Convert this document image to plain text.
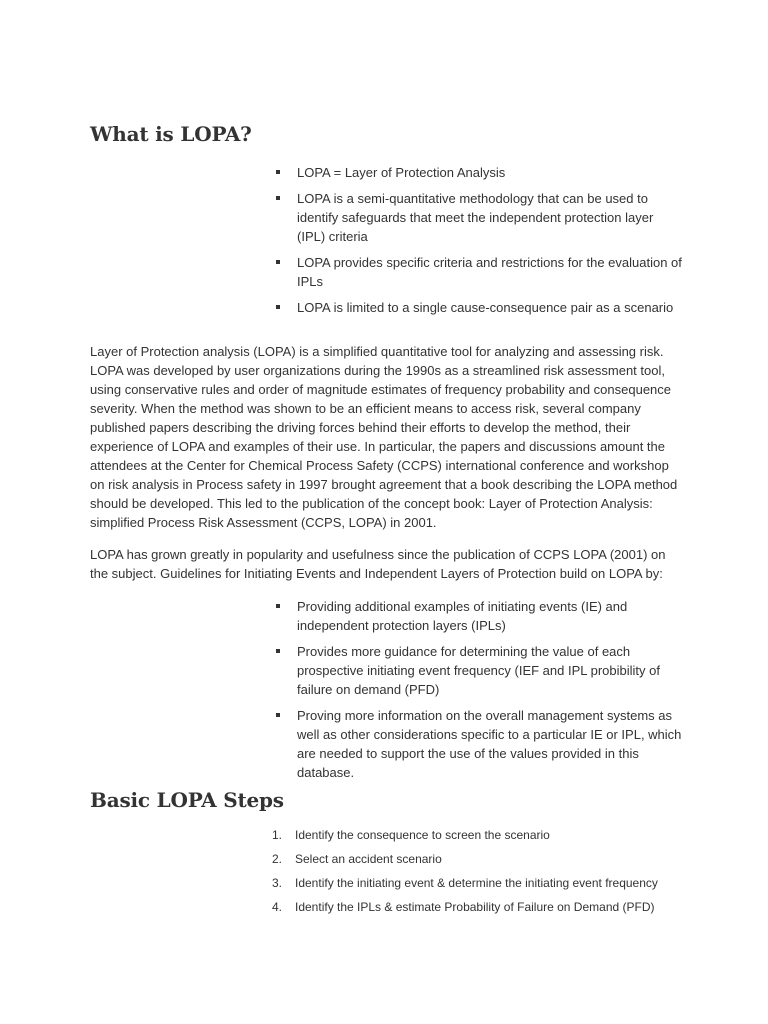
What is LOPA?
LOPA = Layer of Protection Analysis
LOPA is a semi-quantitative methodology that can be used to identify safeguards that meet the independent protection layer (IPL) criteria
LOPA provides specific criteria and restrictions for the evaluation of IPLs
LOPA is limited to a single cause-consequence pair as a scenario

Layer of Protection analysis (LOPA) is a simplified quantitative tool for analyzing and assessing risk. LOPA was developed by user organizations during the 1990s as a streamlined risk assessment tool, using conservative rules and order of magnitude estimates of frequency probability and consequence severity. When the method was shown to be an efficient means to access risk, several company published papers describing the driving forces behind their efforts to develop the method, their experience of LOPA and examples of their use. In particular, the papers and discussions amount the attendees at the Center for Chemical Process Safety (CCPS) international conference and workshop on risk analysis in Process safety in 1997 brought agreement that a book describing the LOPA method should be developed. This led to the publication of the concept book: Layer of Protection Analysis: simplified Process Risk Assessment (CCPS, LOPA) in 2001.

LOPA has grown greatly in popularity and usefulness since the publication of CCPS LOPA (2001) on the subject. Guidelines for Initiating Events and Independent Layers of Protection build on LOPA by:

Providing additional examples of initiating events (IE) and independent protection layers (IPLs)
Provides more guidance for determining the value of each prospective initiating event frequency (IEF and IPL probibility of failure on demand (PFD)
Proving more information on the overall management systems as well as other considerations specific to a particular IE or IPL, which are needed to support the use of the values provided in this database.
Basic LOPA Steps
1. Identify the consequence to screen the scenario
2. Select an accident scenario
3. Identify the initiating event & determine the initiating event frequency
4. Identify the IPLs & estimate Probability of Failure on Demand (PFD)
